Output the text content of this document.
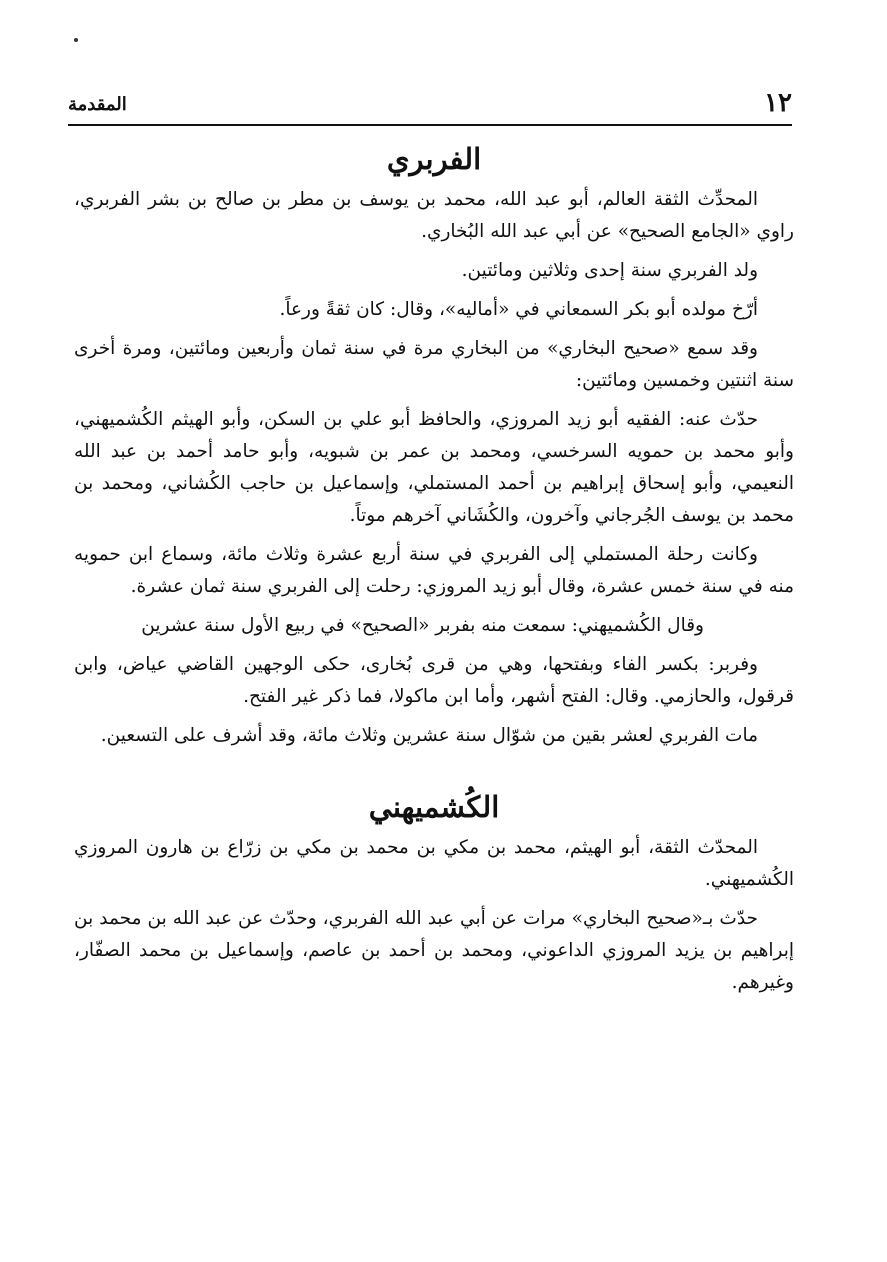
١٢
المقدمة
الفربري

المحدِّث الثقة العالم، أبو عبد الله، محمد بن يوسف بن مطر بن صالح بن بشر الفربري، راوي «الجامع الصحيح» عن أبي عبد الله البُخاري.

ولد الفربري سنة إحدى وثلاثين ومائتين.

أرّخ مولده أبو بكر السمعاني في «أماليه»، وقال: كان ثقةً ورعاً.

وقد سمع «صحيح البخاري» من البخاري مرة في سنة ثمان وأربعين ومائتين، ومرة أخرى سنة اثنتين وخمسين ومائتين:

حدّث عنه: الفقيه أبو زيد المروزي، والحافظ أبو علي بن السكن، وأبو الهيثم الكُشميهني، وأبو محمد بن حمويه السرخسي، ومحمد بن عمر بن شبويه، وأبو حامد أحمد بن عبد الله النعيمي، وأبو إسحاق إبراهيم بن أحمد المستملي، وإسماعيل بن حاجب الكُشاني، ومحمد بن محمد بن يوسف الجُرجاني وآخرون، والكُشَاني آخرهم موتاً.

وكانت رحلة المستملي إلى الفربري في سنة أربع عشرة وثلاث مائة، وسماع ابن حمويه منه في سنة خمس عشرة، وقال أبو زيد المروزي: رحلت إلى الفربري سنة ثمان عشرة.

وقال الكُشميهني: سمعت منه بفربر «الصحيح» في ربيع الأول سنة عشرين

وفربر: بكسر الفاء وبفتحها، وهي من قرى بُخارى، حكى الوجهين القاضي عياض، وابن قرقول، والحازمي. وقال: الفتح أشهر، وأما ابن ماكولا، فما ذكر غير الفتح.

مات الفربري لعشر بقين من شوّال سنة عشرين وثلاث مائة، وقد أشرف على التسعين.

الكُشميهني

المحدّث الثقة، أبو الهيثم، محمد بن مكي بن محمد بن مكي بن زرّاع بن هارون المروزي الكُشميهني.

حدّث بـ«صحيح البخاري» مرات عن أبي عبد الله الفربري، وحدّث عن عبد الله بن محمد بن إبراهيم بن يزيد المروزي الداعوني، ومحمد بن أحمد بن عاصم، وإسماعيل بن محمد الصفّار، وغيرهم.
